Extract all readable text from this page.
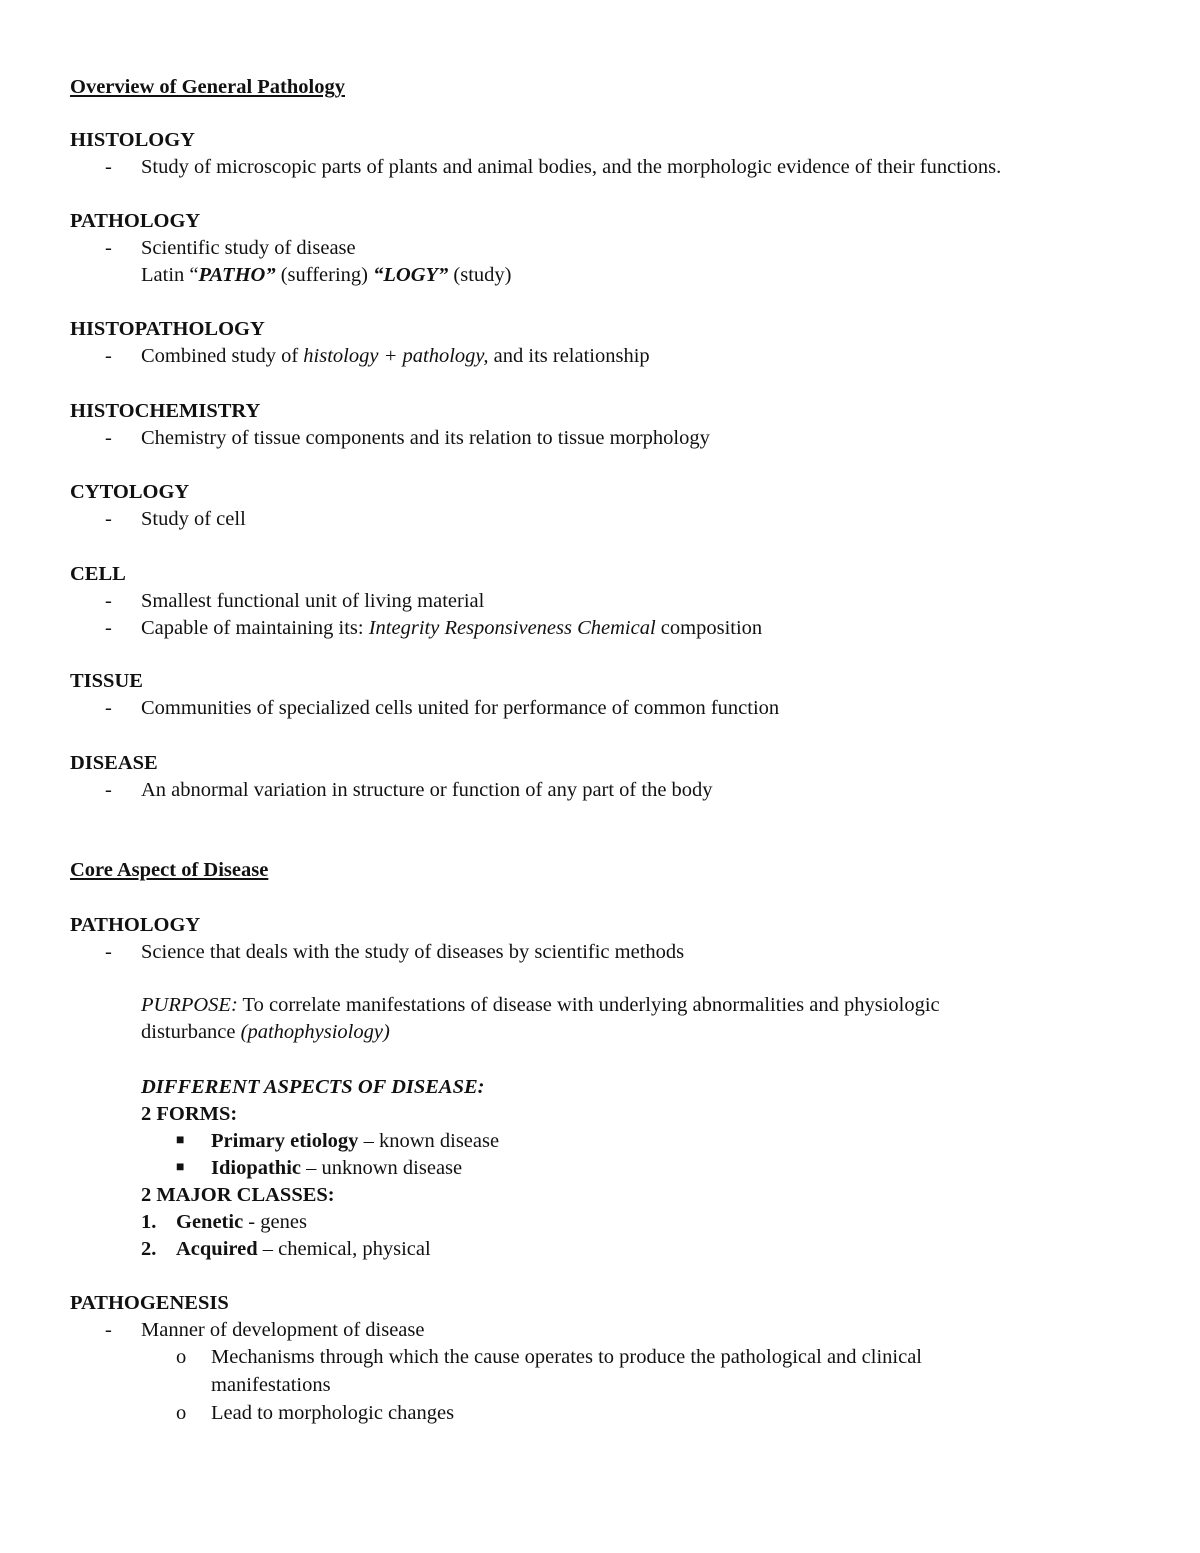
Overview of General Pathology
HISTOLOGY
- Study of microscopic parts of plants and animal bodies, and the morphologic evidence of their functions.
PATHOLOGY
- Scientific study of disease
Latin “PATHO” (suffering) “LOGY” (study)
HISTOPATHOLOGY
- Combined study of histology + pathology, and its relationship
HISTOCHEMISTRY
- Chemistry of tissue components and its relation to tissue morphology
CYTOLOGY
- Study of cell
CELL
- Smallest functional unit of living material
- Capable of maintaining its: Integrity Responsiveness Chemical composition
TISSUE
- Communities of specialized cells united for performance of common function
DISEASE
- An abnormal variation in structure or function of any part of the body
Core Aspect of Disease
PATHOLOGY
- Science that deals with the study of diseases by scientific methods
PURPOSE: To correlate manifestations of disease with underlying abnormalities and physiologic
disturbance (pathophysiology)
DIFFERENT ASPECTS OF DISEASE:
2 FORMS:
■ Primary etiology – known disease
■ Idiopathic – unknown disease
2 MAJOR CLASSES:
1. Genetic - genes
2. Acquired – chemical, physical
PATHOGENESIS
- Manner of development of disease
o Mechanisms through which the cause operates to produce the pathological and clinical
manifestations
o Lead to morphologic changes
